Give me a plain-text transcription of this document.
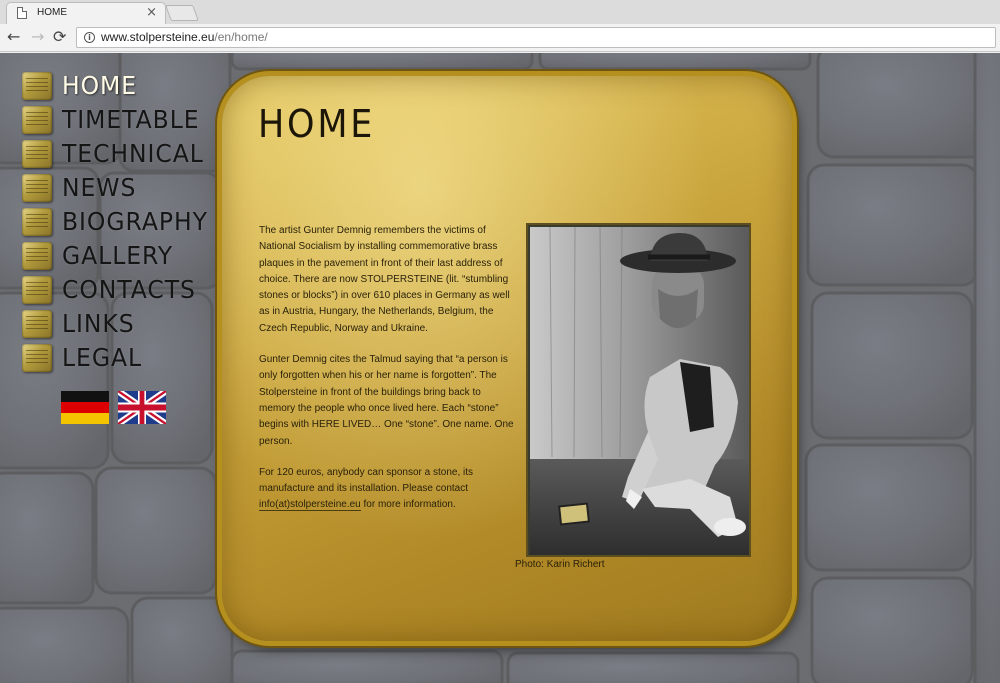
HOME	×
← → ⟳	i www.stolpersteine.eu/en/home/
HOME
TIMETABLE
TECHNICAL
NEWS
BIOGRAPHY
GALLERY
CONTACTS
LINKS
LEGAL
HOME

The artist Gunter Demnig remembers the victims of National Socialism by installing commemorative brass plaques in the pavement in front of their last address of choice. There are now STOLPERSTEINE (lit. “stumbling stones or blocks”) in over 610 places in Germany as well as in Austria, Hungary, the Netherlands, Belgium, the Czech Republic, Norway and Ukraine.

Gunter Demnig cites the Talmud saying that “a person is only forgotten when his or her name is forgotten”. The Stolpersteine in front of the buildings bring back to memory the people who once lived here. Each “stone” begins with HERE LIVED… One “stone”. One name. One person.

For 120 euros, anybody can sponsor a stone, its manufacture and its installation. Please contact info(at)stolpersteine.eu for more information.

Photo: Karin Richert
